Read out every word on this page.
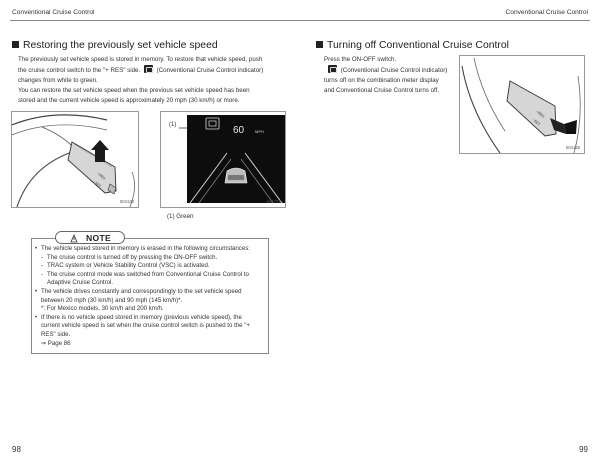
Conventional Cruise Control
Restoring the previously set vehicle speed

The previously set vehicle speed is stored in memory. To restore that vehicle speed, push

the cruise control switch to the "+ RES" side.	(Conventional Cruise Control indicator)

changes from white to green.

You can restore the set vehicle speed when the previous set vehicle speed has been

stored and the current vehicle speed is approximately 20 mph (30 km/h) or more.

+RES
−SET
S04130
(1)	60	MPH
H01774
(1) Green
NOTE
• The vehicle speed stored in memory is erased in the following circumstances:
- The cruise control is turned off by pressing the ON-OFF switch.
- TRAC system or Vehicle Stability Control (VSC) is activated.
- The cruise control mode was switched from Conventional Cruise Control to
Adaptive Cruise Control.
• The vehicle drives constantly and correspondingly to the set vehicle speed
between 20 mph (30 km/h) and 90 mph (145 km/h)*.
*: For Mexico models, 30 km/h and 200 km/h.
• If there is no vehicle speed stored in memory (previous vehicle speed), the
current vehicle speed is set when the cruise control switch is pushed to the "+
RES" side.
⇒ Page 86
98
Conventional Cruise Control
Turning off Conventional Cruise Control

Press the ON-OFF switch.

(Conventional Cruise Control indicator)

turns off on the combination meter display

and Conventional Cruise Control turns off.

+RES
−SET
S04128
99
